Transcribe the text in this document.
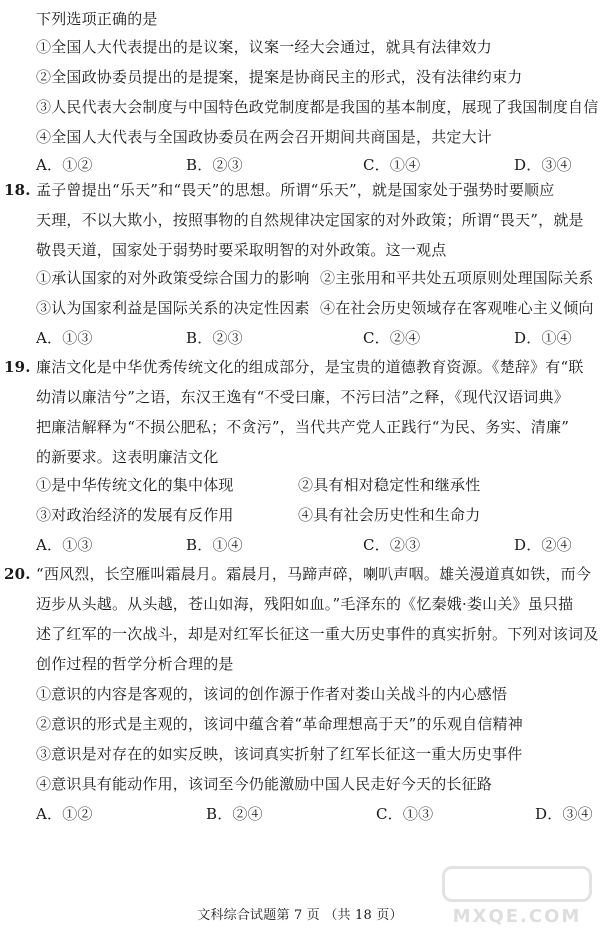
下列选项正确的是
①全国人大代表提出的是议案，议案一经大会通过，就具有法律效力
②全国政协委员提出的是提案，提案是协商民主的形式，没有法律约束力
③人民代表大会制度与中国特色政党制度都是我国的基本制度，展现了我国制度自信
④全国人大代表与全国政协委员在两会召开期间共商国是，共定大计
A．①②	B．②③	C．①④	D．③④
18. 孟子曾提出“乐天”和“畏天”的思想。所谓“乐天”，就是国家处于强势时要顺应
天理，不以大欺小，按照事物的自然规律决定国家的对外政策；所谓“畏天”，就是
敬畏天道，国家处于弱势时要采取明智的对外政策。这一观点
①承认国家的对外政策受综合国力的影响 ②主张用和平共处五项原则处理国际关系
③认为国家利益是国际关系的决定性因素 ④在社会历史领域存在客观唯心主义倾向
A．①③	B．②③	C．②④	D．①④
19. 廉洁文化是中华优秀传统文化的组成部分，是宝贵的道德教育资源。《楚辞》有“联
幼清以廉洁兮”之语，东汉王逸有“不受曰廉，不污曰洁”之释，《现代汉语词典》
把廉洁解释为“不损公肥私；不贪污”，当代共产党人正践行“为民、务实、清廉”
的新要求。这表明廉洁文化
①是中华传统文化的集中体现	②具有相对稳定性和继承性
③对政治经济的发展有反作用	④具有社会历史性和生命力
A．①③	B．①④	C．②③	D．②④
20. “西风烈，长空雁叫霜晨月。霜晨月，马蹄声碎，喇叭声咽。雄关漫道真如铁，而今
迈步从头越。从头越，苍山如海，残阳如血。”毛泽东的《忆秦娥·娄山关》虽只描
述了红军的一次战斗，却是对红军长征这一重大历史事件的真实折射。下列对该词及
创作过程的哲学分析合理的是
①意识的内容是客观的，该词的创作源于作者对娄山关战斗的内心感悟
②意识的形式是主观的，该词中蕴含着“革命理想高于天”的乐观自信精神
③意识是对存在的如实反映，该词真实折射了红军长征这一重大历史事件
④意识具有能动作用，该词至今仍能激励中国人民走好今天的长征路
A．①②	B．②④	C．①③	D．③④
文科综合试题第 7 页 （共 18 页）	MXQE.COM
